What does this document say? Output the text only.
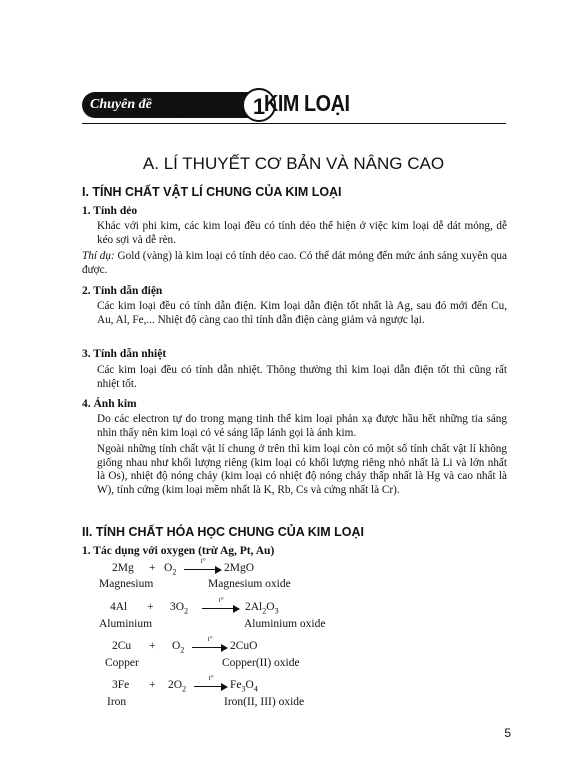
Chuyên đề	1
KIM LOẠI
A. LÍ THUYẾT CƠ BẢN VÀ NÂNG CAO
I. TÍNH CHẤT VẬT LÍ CHUNG CỦA KIM LOẠI
1. Tính dẻo
Khác với phi kim, các kim loại đều có tính dẻo thể hiện ở việc kim loại dễ dát mỏng, dễ kéo sợi và dễ rèn.
Thí dụ: Gold (vàng) là kim loại có tính dẻo cao. Có thể dát mỏng đến mức ánh sáng xuyên qua được.
2. Tính dẫn điện
Các kim loại đều có tính dẫn điện. Kim loại dẫn điện tốt nhất là Ag, sau đó mới đến Cu, Au, Al, Fe,... Nhiệt độ càng cao thì tính dẫn điện càng giảm và ngược lại.
3. Tính dẫn nhiệt
Các kim loại đều có tính dẫn nhiệt. Thông thường thì kim loại dẫn điện tốt thì cũng rất nhiệt tốt.
4. Ánh kim
Do các electron tự do trong mạng tinh thể kim loại phản xạ được hầu hết những tia sáng nhìn thấy nên kim loại có vẻ sáng lấp lánh gọi là ánh kim.
Ngoài những tính chất vật lí chung ở trên thì kim loại còn có một số tính chất vật lí không giống nhau như khối lượng riêng (kim loại có khối lượng riêng nhỏ nhất là Li và lớn nhất là Os), nhiệt độ nóng chảy (kim loại có nhiệt độ nóng chảy thấp nhất là Hg và cao nhất là W), tính cứng (kim loại mềm nhất là K, Rb, Cs và cứng nhất là Cr).
II. TÍNH CHẤT HÓA HỌC CHUNG CỦA KIM LOẠI
1. Tác dụng với oxygen (trừ Ag, Pt, Au)
$2Mg + O_2$
t°
2MgO
Magnesium	Magnesium oxide
$4Al + 3O_2$
t°
$2Al_2O_3$
Aluminium	Aluminium oxide
$2Cu + O_2$
t°
2CuO
Copper	Copper(II) oxide
$3Fe + 2O_2$
t°
$Fe_3O_4$
Iron	Iron(II, III) oxide
5
